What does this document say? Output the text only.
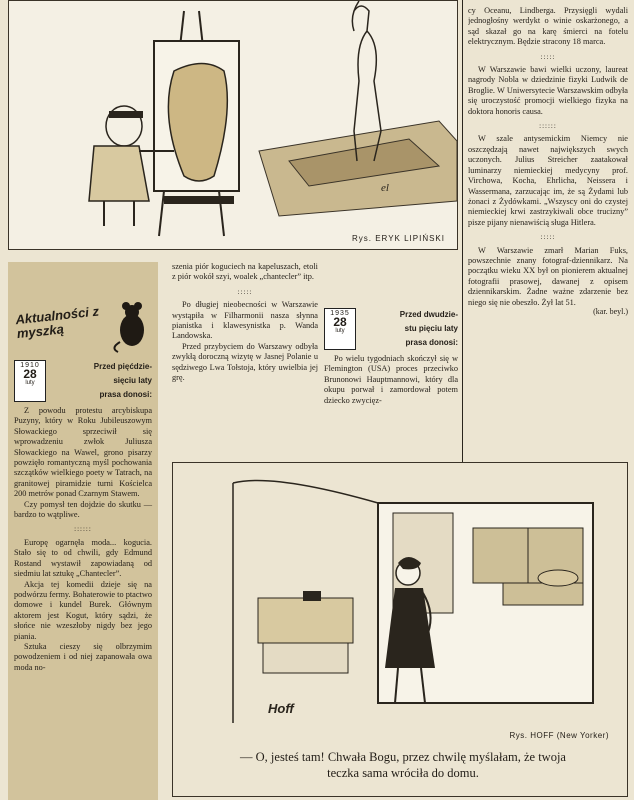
el
Rys. ERYK LIPIŃSKI

cy Oceanu, Lindberga. Przysięgli wydali jednogłośny werdykt o winie oskarżonego, a sąd skazał go na karę śmierci na fotelu elektrycznym. Będzie stracony 18 marca.

:::::

W Warszawie bawi wielki uczony, laureat nagrody Nobla w dziedzinie fizyki Ludwik de Broglie. W Uniwersytecie Warszawskim odbyła się uroczystość promocji wielkiego fizyka na doktora honoris causa.

::::::

W szale antysemickim Niemcy nie oszczędzają nawet największych swych uczonych. Julius Streicher zaatakował luminarzy niemieckiej medycyny prof. Virchowa, Kocha, Ehrlicha, Neissera i Wassermana, zarzucając im, że są Żydami lub żonaci z Żydówkami. „Wszyscy oni do czystej niemieckiej krwi zastrzykiwali obce trucizny” pisze pijany nienawiścią sługa Hitlera.

:::::

W Warszawie zmarł Marian Fuks, powszechnie znany fotograf-dziennikarz. Na początku wieku XX był on pionierem aktualnej fotografii prasowej, dawanej z opisem dziennikarskim. Żadne ważne zdarzenie bez niego się nie obeszło. Żył lat 51.

(kar. beyl.)
Aktualności z myszką
1910
28
luty
Przed pięćdzie-
sięciu laty
prasa donosi:

Z powodu protestu arcybiskupa Puzyny, który w Roku Jubileuszowym Słowackiego sprzeciwił się wprowadzeniu zwłok Juliusza Słowackiego na Wawel, grono pisarzy powzięło romantyczną myśl pochowania szczątków wielkiego poety w Tatrach, na granitowej piramidzie turni Kościelca 200 metrów ponad Czarnym Stawem.

Czy pomysł ten dojdzie do skutku — bardzo to wątpliwe.

::::::

Europę ogarnęła moda... kogucia. Stało się to od chwili, gdy Edmund Rostand wystawił zapowiadaną od siedmiu lat sztukę „Chantecler”.

Akcja tej komedii dzieje się na podwórzu fermy. Bohaterowie to ptactwo domowe i kundel Burek. Głównym aktorem jest Kogut, który sądzi, że słońce nie wzeszłoby nigdy bez jego piania.

Sztuka cieszy się olbrzymim powodzeniem i od niej zapanowała owa moda no-

szenia piór koguciech na kapeluszach, etoli z piór wokół szyi, woalek „chantecler” itp.

:::::

Po długiej nieobecności w Warszawie wystąpiła w Filharmonii nasza słynna pianistka i klawesynistka p. Wanda Landowska.

Przed przybyciem do Warszawy odbyła zwykłą doroczną wizytę w Jasnej Polanie u sędziwego Lwa Tołstoja, który uwielbia jej grę.

1935
28
luty
Przed dwudzie-
stu pięciu laty
prasa donosi:

Po wielu tygodniach skończył się w Flemington (USA) proces przeciwko Brunonowi Hauptmannowi, który dla okupu porwał i zamordował potem dziecko zwycięz-

Hoff
Rys. HOFF (New Yorker)
— O, jesteś tam! Chwała Bogu, przez chwilę myślałam, że twoja teczka sama wróciła do domu.
